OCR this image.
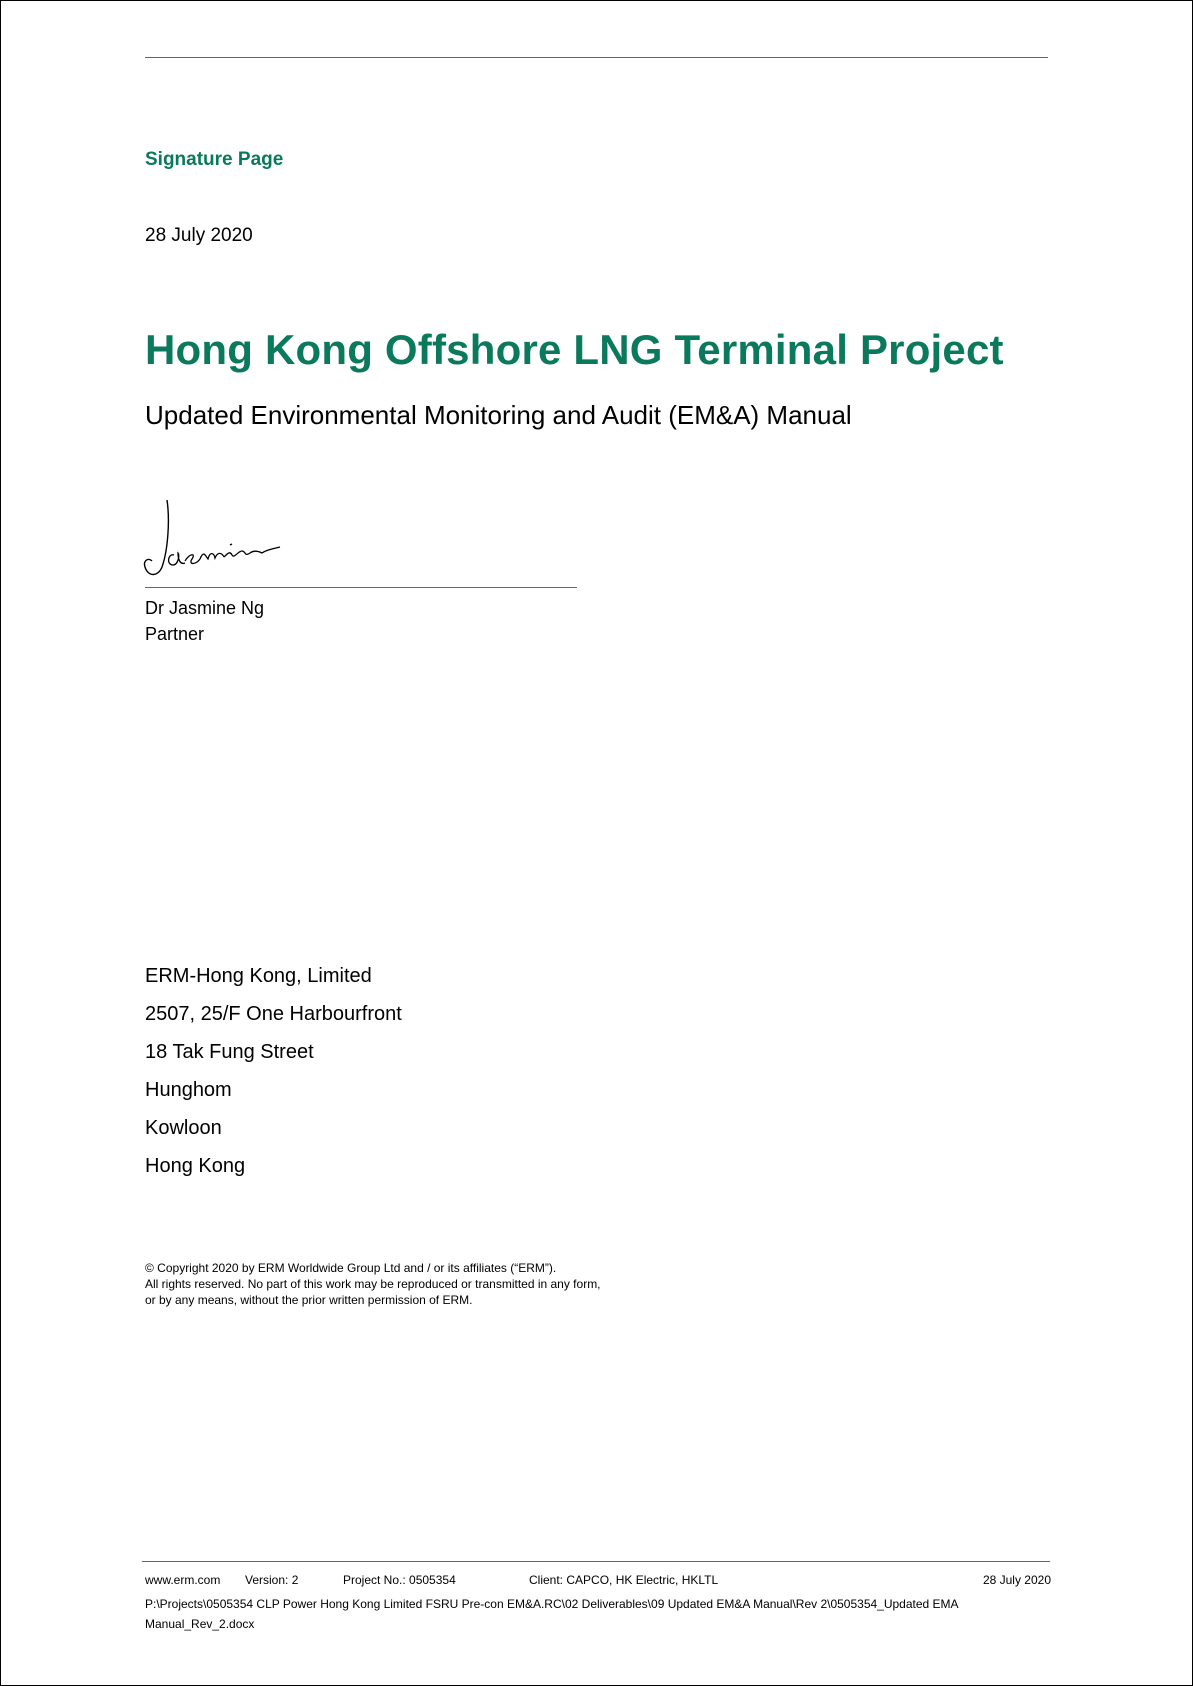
Signature Page
28 July 2020
Hong Kong Offshore LNG Terminal Project
Updated Environmental Monitoring and Audit (EM&A) Manual
Dr Jasmine Ng
Partner
ERM-Hong Kong, Limited
2507, 25/F One Harbourfront
18 Tak Fung Street
Hunghom
Kowloon
Hong Kong
© Copyright 2020 by ERM Worldwide Group Ltd and / or its affiliates (“ERM”).
All rights reserved. No part of this work may be reproduced or transmitted in any form,
or by any means, without the prior written permission of ERM.
www.erm.com Version: 2	Project No.: 0505354	Client: CAPCO, HK Electric, HKLTL	28 July 2020
P:\Projects\0505354 CLP Power Hong Kong Limited FSRU Pre-con EM&A.RC\02 Deliverables\09 Updated EM&A Manual\Rev 2\0505354_Updated EMA
Manual_Rev_2.docx
